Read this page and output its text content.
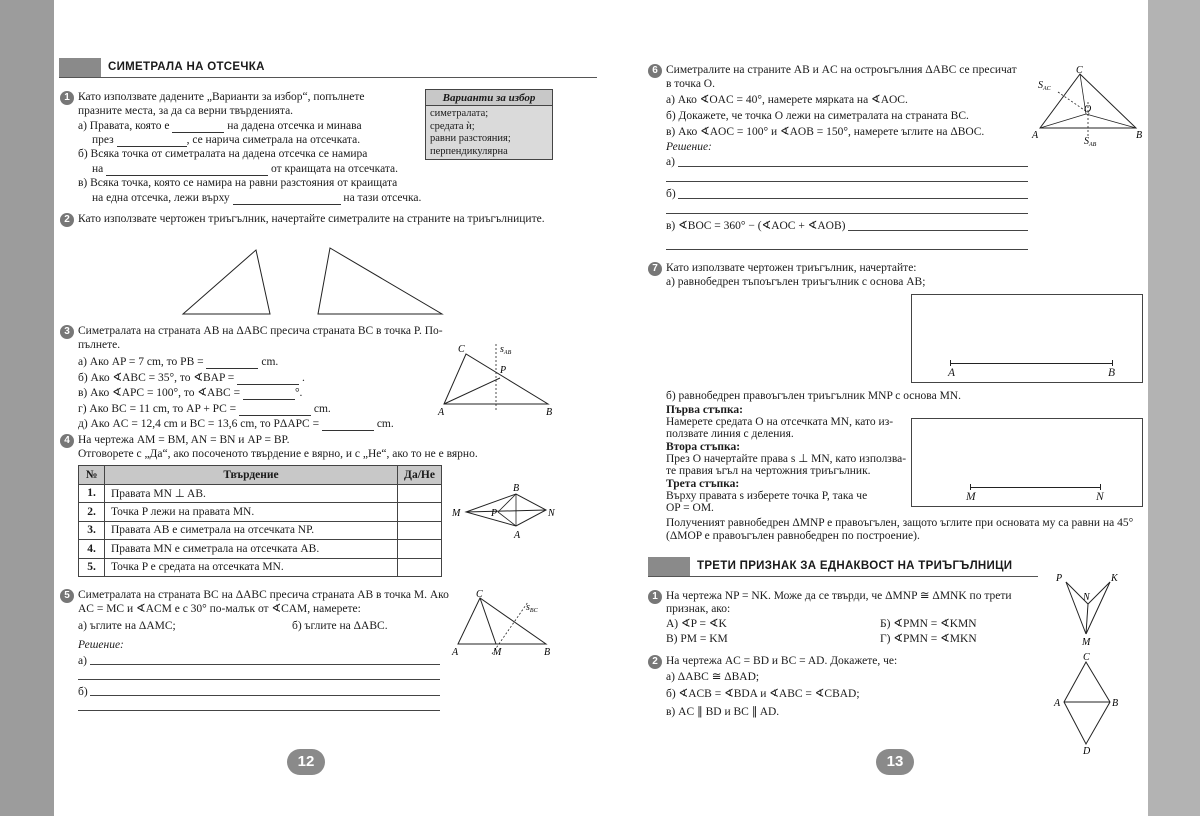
СИМЕТРАЛА НА ОТСЕЧКА
1 Като използвате дадените „Варианти за избор“, попълнете
празните места, за да са верни твърденията.
а) Правата, която е	на дадена отсечка и минава
през	, се нарича симетрала на отсечката.
б) Всяка точка от симетралата на дадена отсечка се намира
на	от краищата на отсечката.
в) Всяка точка, която се намира на равни разстояния от краищата
на една отсечка, лежи върху	на тази отсечка.
Варианти за избор
симетралата;
средата ѝ;
равни разстояния;
перпендикулярна
2 Като използвате чертожен триъгълник, начертайте симетралите на страните на триъгълниците.
3 Симетралата на страната AB на ΔABC пресича страната BC в точка P. По-
пълнете.
а) Ако AP = 7 cm, то PB =	cm.
б) Ако ∢ABC = 35°, то ∢BAP =	.
в) Ако ∢APC = 100°, то ∢ABC =	°.
г) Ако BC = 11 cm, то AP + PC =	cm.
д) Ако AC = 12,4 cm и BC = 13,6 cm, то PΔAPC =	cm.
C
A	B
P
$s_{AB}$
4 На чертежа AM = BM, AN = BN и AP = BP.
Отговорете с „Да“, ако посоченото твърдение е вярно, и с „Не“, ако то не е вярно.
№	Твърдение	Да/Не
1.	Правата MN ⊥ AB.	
2.	Точка P лежи на правата MN.	
3.	Правата AB е симетрала на отсечката NP.	
4.	Правата MN е симетрала на отсечката AB.	
5.	Точка P е средата на отсечката MN.	
M	P	N
B
A
5 Симетралата на страната BC на ΔABC пресича страната AB в точка M. Ако
AC = MC и ∢ACM е с 30° по-малък от ∢CAM, намерете:
а) ъглите на ΔAMC;	б) ъглите на ΔABC.
Решение:
а)
б)
C
A	M	B
$s_{BC}$
12
6 Симетралите на страните AB и AC на остроъгълния ΔABC се пресичат
в точка O.
а) Ако ∢OAC = 40°, намерете мярката на ∢AOC.
б) Докажете, че точка O лежи на симетралата на страната BC.
в) Ако ∢AOC = 100° и ∢AOB = 150°, намерете ъглите на ΔBOC.
Решение:
а)
б)
в) ∢BOC = 360° − (∢AOC + ∢AOB)
C
A	B
O
$S_{AC}$
$S_{AB}$
7 Като използвате чертожен триъгълник, начертайте:
а) равнобедрен тъпоъгълен триъгълник с основа AB;
A	B
б) равнобедрен правоъгълен триъгълник MNP с основа MN.
Първа стъпка:
Намерете средата O на отсечката MN, като из-
ползвате линия с деления.
Втора стъпка:
През O начертайте права s ⊥ MN, като използва-
те правия ъгъл на чертожния триъгълник.
Трета стъпка:
Върху правата s изберете точка P, така че
OP = OM.
M	N
Полученият равнобедрен ΔMNP е правоъгълен, защото ъглите при основата му са равни на 45°
(ΔMOP е правоъгълен равнобедрен по построение).
ТРЕТИ ПРИЗНАК ЗА ЕДНАКВОСТ НА ТРИЪГЪЛНИЦИ
1 На чертежа NP = NK. Може да се твърди, че ΔMNP ≅ ΔMNK по трети
признак, ако:
А) ∢P = ∢K	Б) ∢PMN = ∢KMN
В) PM = KM	Г) ∢PMN = ∢MKN
P	K
N
M
2 На чертежа AC = BD и BC = AD. Докажете, че:
а) ΔABC ≅ ΔBAD;
б) ∢ACB = ∢BDA и ∢ABC = ∢CBAD;
в) AC ∥ BD и BC ∥ AD.
C
A	B
D
13
